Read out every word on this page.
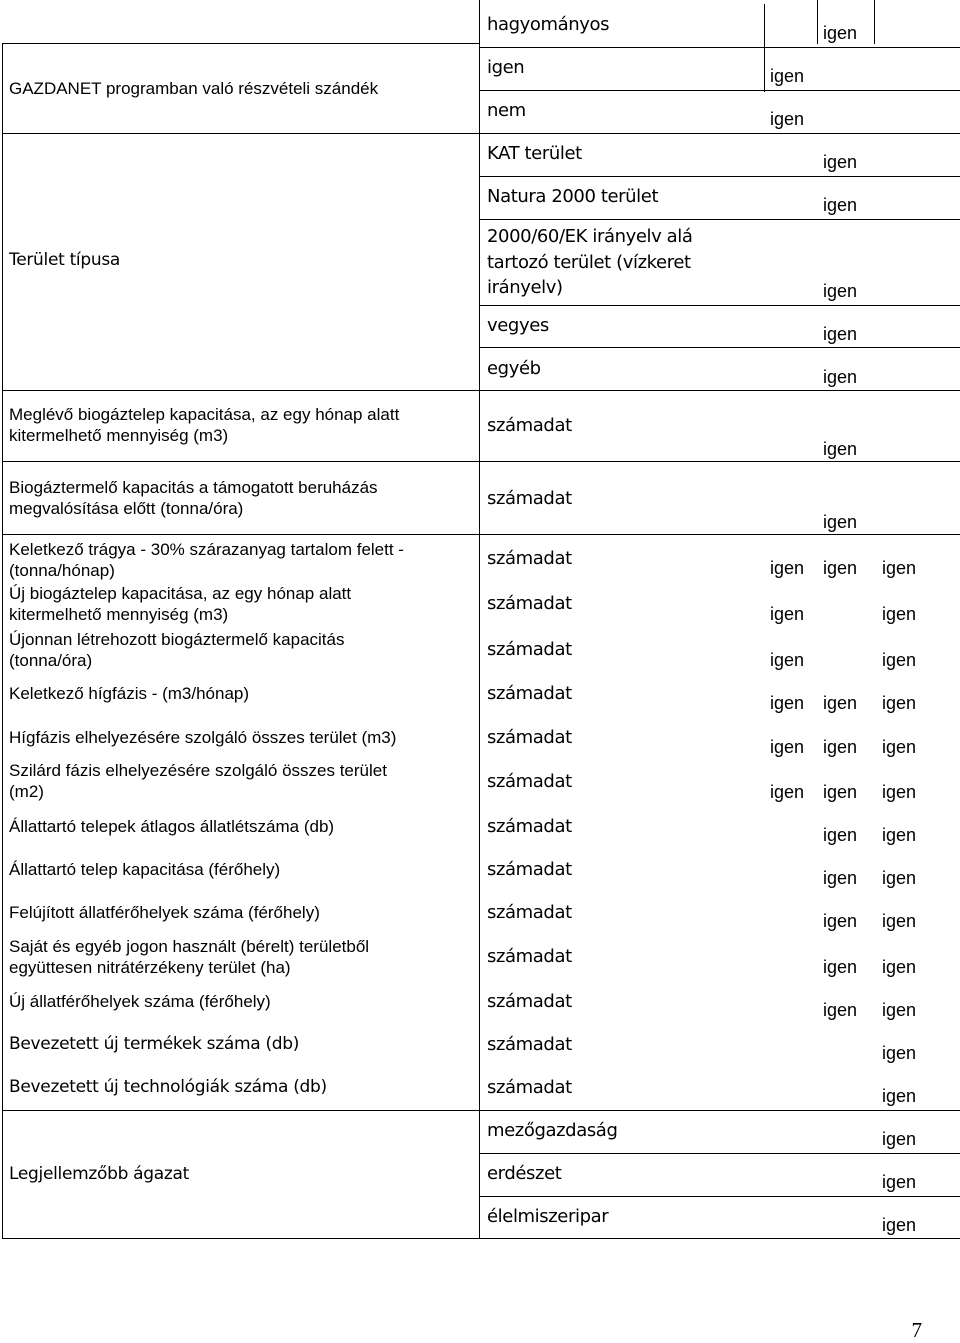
GAZDANET programban való részvételi szándék
Terület típusa
Meglévő biogáztelep kapacitása, az egy hónap alatt
kitermelhető mennyiség (m3)
Biogáztermelő kapacitás a támogatott beruházás
megvalósítása előtt (tonna/óra)
Keletkező trágya - 30% szárazanyag tartalom felett -
(tonna/hónap)
Új biogáztelep kapacitása, az egy hónap alatt
kitermelhető mennyiség (m3)
Újonnan létrehozott biogáztermelő kapacitás
(tonna/óra)
Keletkező hígfázis - (m3/hónap)
Hígfázis elhelyezésére szolgáló összes terület (m3)
Szilárd fázis elhelyezésére szolgáló összes terület
(m2)
Állattartó telepek átlagos állatlétszáma (db)
Állattartó telep kapacitása (férőhely)
Felújított állatférőhelyek száma (férőhely)
Saját és egyéb jogon használt (bérelt) területből
együttesen nitrátérzékeny terület (ha)
Új állatférőhelyek száma (férőhely)
Bevezetett új termékek száma (db)
Bevezetett új technológiák száma (db)
Legjellemzőbb ágazat
hagyományos
igen
nem
KAT terület
Natura 2000 terület
2000/60/EK irányelv alá
tartozó terület (vízkeret
irányelv)
vegyes
egyéb
számadat
számadat
számadat
számadat
számadat
számadat
számadat
számadat
számadat
számadat
számadat
számadat
számadat
számadat
számadat
mezőgazdaság
erdészet
élelmiszeripar
igen
igen
igen
igen
igen
igen
igen
igen
igen
igen
igen igen igen
igen	igen
igen	igen
igen igen igen
igen igen igen
igen igen igen
igen igen
igen igen
igen igen
igen igen
igen igen
igen
igen
igen
igen
igen
7
